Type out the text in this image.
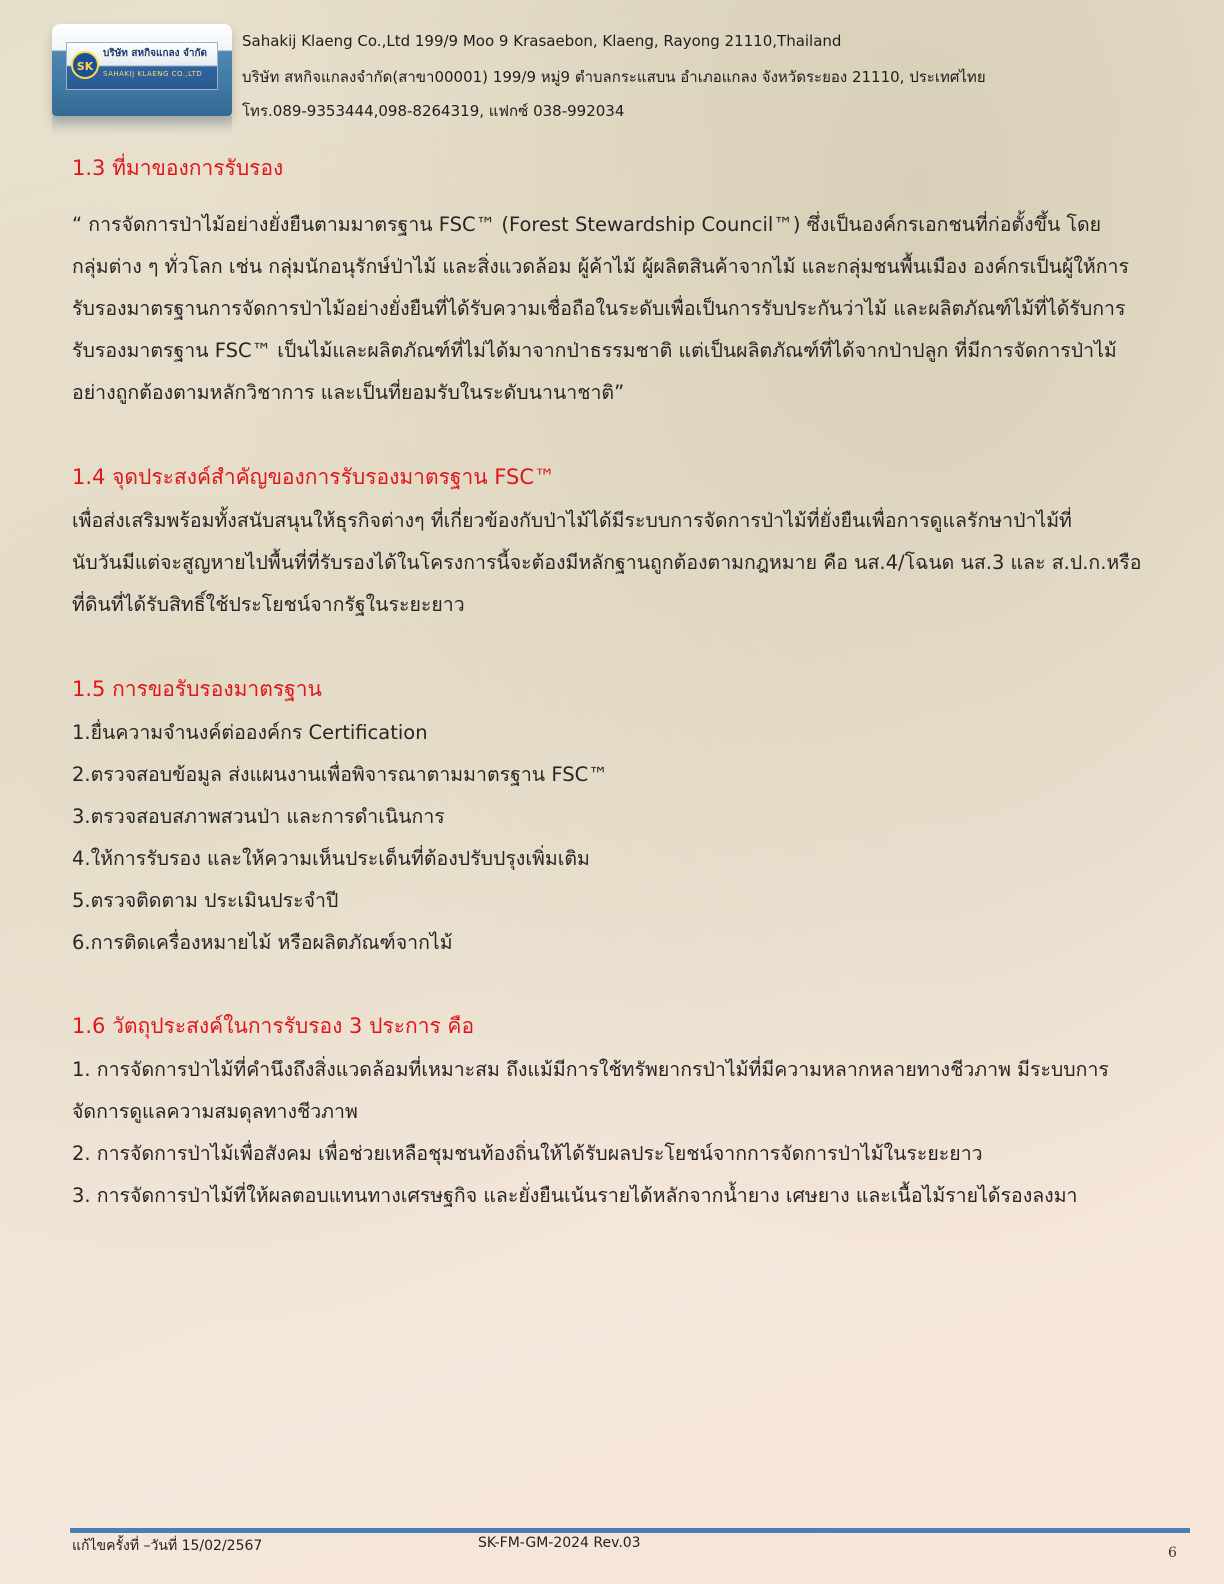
SK
บริษัท สหกิจแกลง จำกัด
SAHAKIJ KLAENG CO.,LTD
Sahakij Klaeng Co.,Ltd 199/9 Moo 9 Krasaebon, Klaeng, Rayong 21110,Thailand
บริษัท สหกิจแกลงจำกัด(สาขา00001) 199/9 หมู่9 ตำบลกระแสบน อำเภอแกลง จังหวัดระยอง 21110, ประเทศไทย
โทร.089-9353444,098-8264319, แฟกซ์ 038-992034
1.3 ที่มาของการรับรอง
“ การจัดการป่าไม้อย่างยั่งยืนตามมาตรฐาน FSC™ (Forest Stewardship Council™) ซึ่งเป็นองค์กรเอกชนที่ก่อตั้งขึ้น โดย
กลุ่มต่าง ๆ ทั่วโลก เช่น กลุ่มนักอนุรักษ์ป่าไม้ และสิ่งแวดล้อม ผู้ค้าไม้ ผู้ผลิตสินค้าจากไม้ และกลุ่มชนพื้นเมือง องค์กรเป็นผู้ให้การ
รับรองมาตรฐานการจัดการป่าไม้อย่างยั่งยืนที่ได้รับความเชื่อถือในระดับเพื่อเป็นการรับประกันว่าไม้ และผลิตภัณฑ์ไม้ที่ได้รับการ
รับรองมาตรฐาน FSC™ เป็นไม้และผลิตภัณฑ์ที่ไม่ได้มาจากป่าธรรมชาติ แต่เป็นผลิตภัณฑ์ที่ได้จากป่าปลูก ที่มีการจัดการป่าไม้
อย่างถูกต้องตามหลักวิชาการ และเป็นที่ยอมรับในระดับนานาชาติ”
1.4 จุดประสงค์สำคัญของการรับรองมาตรฐาน FSC™
เพื่อส่งเสริมพร้อมทั้งสนับสนุนให้ธุรกิจต่างๆ ที่เกี่ยวข้องกับป่าไม้ได้มีระบบการจัดการป่าไม้ที่ยั่งยืนเพื่อการดูแลรักษาป่าไม้ที่
นับวันมีแต่จะสูญหายไปพื้นที่ที่รับรองได้ในโครงการนี้จะต้องมีหลักฐานถูกต้องตามกฎหมาย คือ นส.4/โฉนด นส.3 และ ส.ป.ก.หรือ
ที่ดินที่ได้รับสิทธิ์ใช้ประโยชน์จากรัฐในระยะยาว
1.5 การขอรับรองมาตรฐาน
1.ยื่นความจำนงค์ต่อองค์กร Certification
2.ตรวจสอบข้อมูล ส่งแผนงานเพื่อพิจารณาตามมาตรฐาน FSC™
3.ตรวจสอบสภาพสวนป่า และการดำเนินการ
4.ให้การรับรอง และให้ความเห็นประเด็นที่ต้องปรับปรุงเพิ่มเติม
5.ตรวจติดตาม ประเมินประจำปี
6.การติดเครื่องหมายไม้ หรือผลิตภัณฑ์จากไม้
1.6 วัตถุประสงค์ในการรับรอง 3 ประการ คือ
1. การจัดการป่าไม้ที่คำนึงถึงสิ่งแวดล้อมที่เหมาะสม ถึงแม้มีการใช้ทรัพยากรป่าไม้ที่มีความหลากหลายทางชีวภาพ มีระบบการ
จัดการดูแลความสมดุลทางชีวภาพ
2. การจัดการป่าไม้เพื่อสังคม เพื่อช่วยเหลือชุมชนท้องถิ่นให้ได้รับผลประโยชน์จากการจัดการป่าไม้ในระยะยาว
3. การจัดการป่าไม้ที่ให้ผลตอบแทนทางเศรษฐกิจ และยั่งยืนเน้นรายได้หลักจากน้ำยาง เศษยาง และเนื้อไม้รายได้รองลงมา
แก้ไขครั้งที่ –วันที่ 15/02/2567	SK-FM-GM-2024 Rev.03
6
